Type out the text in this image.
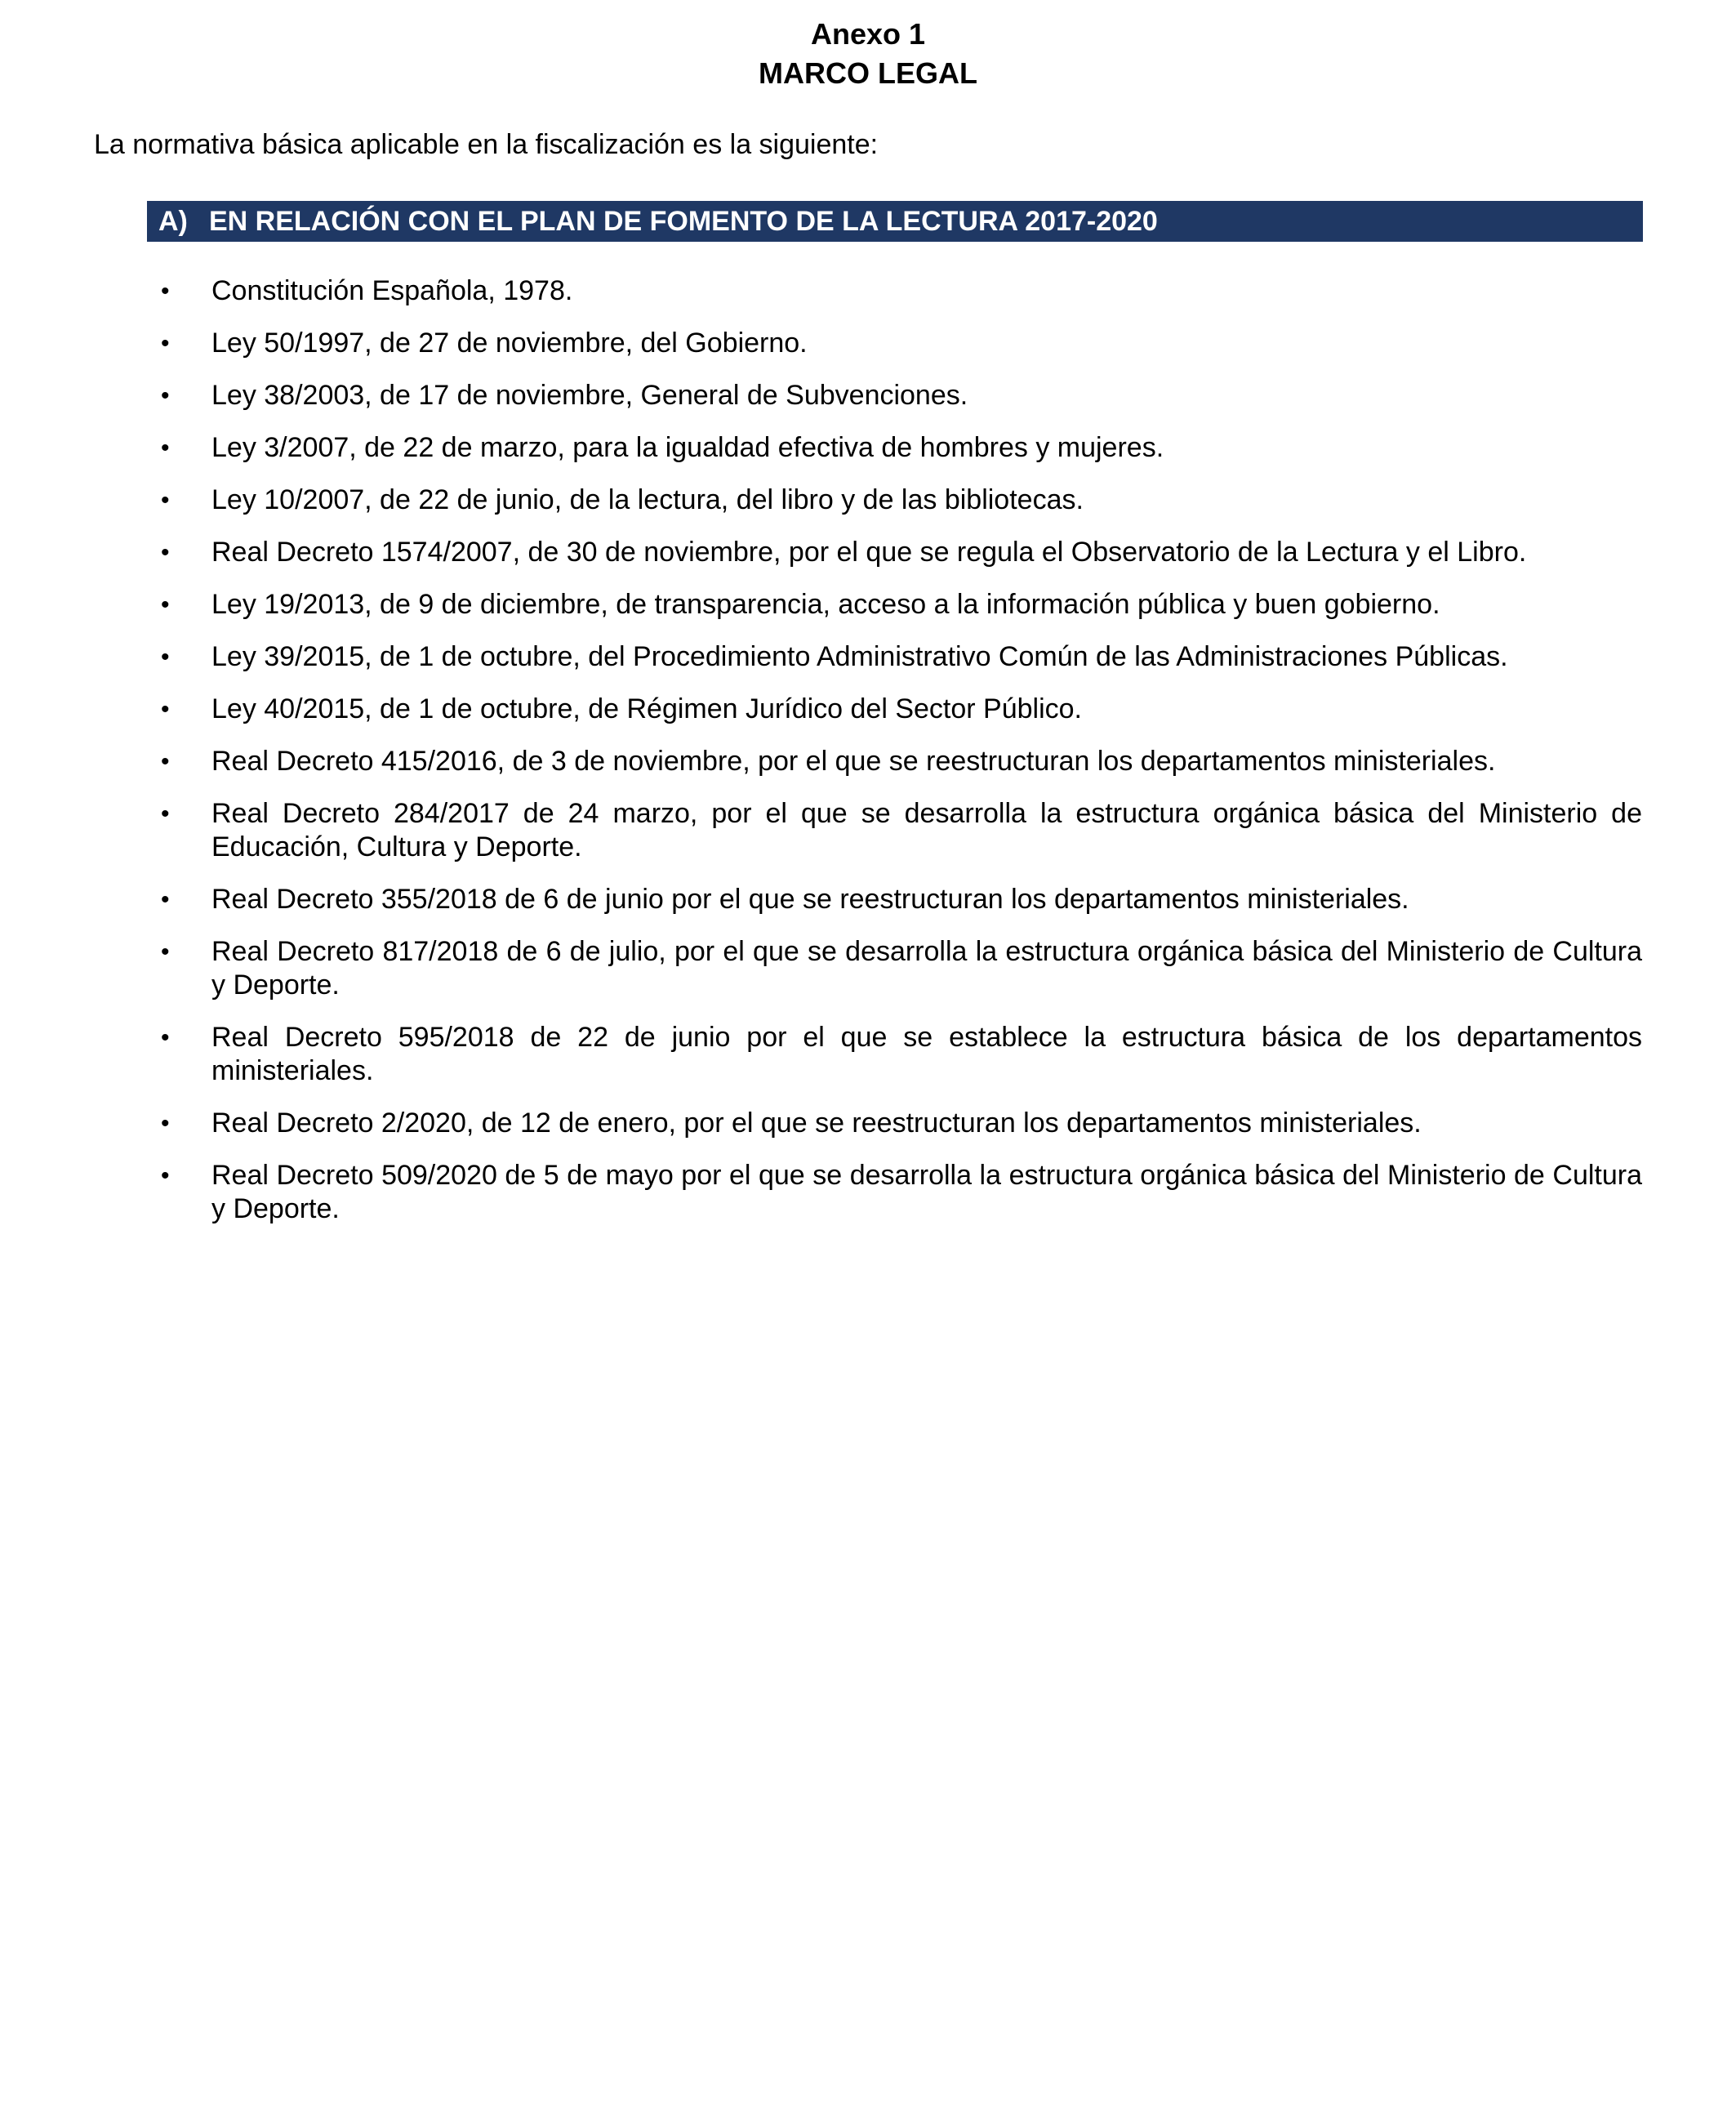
Anexo 1
MARCO LEGAL
La normativa básica aplicable en la fiscalización es la siguiente:
A) EN RELACIÓN CON EL PLAN DE FOMENTO DE LA LECTURA 2017-2020
•	Constitución Española, 1978.
•	Ley 50/1997, de 27 de noviembre, del Gobierno.
•	Ley 38/2003, de 17 de noviembre, General de Subvenciones.
•	Ley 3/2007, de 22 de marzo, para la igualdad efectiva de hombres y mujeres.
•	Ley 10/2007, de 22 de junio, de la lectura, del libro y de las bibliotecas.
•	Real Decreto 1574/2007, de 30 de noviembre, por el que se regula el Observatorio de la Lectura y el Libro.
•	Ley 19/2013, de 9 de diciembre, de transparencia, acceso a la información pública y buen gobierno.
•	Ley 39/2015, de 1 de octubre, del Procedimiento Administrativo Común de las Administraciones Públicas.
•	Ley 40/2015, de 1 de octubre, de Régimen Jurídico del Sector Público.
•	Real Decreto 415/2016, de 3 de noviembre, por el que se reestructuran los departamentos ministeriales.
•	Real Decreto 284/2017 de 24 marzo, por el que se desarrolla la estructura orgánica básica del Ministerio de Educación, Cultura y Deporte.
•	Real Decreto 355/2018 de 6 de junio por el que se reestructuran los departamentos ministeriales.
•	Real Decreto 817/2018 de 6 de julio, por el que se desarrolla la estructura orgánica básica del Ministerio de Cultura y Deporte.
•	Real Decreto 595/2018 de 22 de junio por el que se establece la estructura básica de los departamentos ministeriales.
•	Real Decreto 2/2020, de 12 de enero, por el que se reestructuran los departamentos ministeriales.
•	Real Decreto 509/2020 de 5 de mayo por el que se desarrolla la estructura orgánica básica del Ministerio de Cultura y Deporte.
